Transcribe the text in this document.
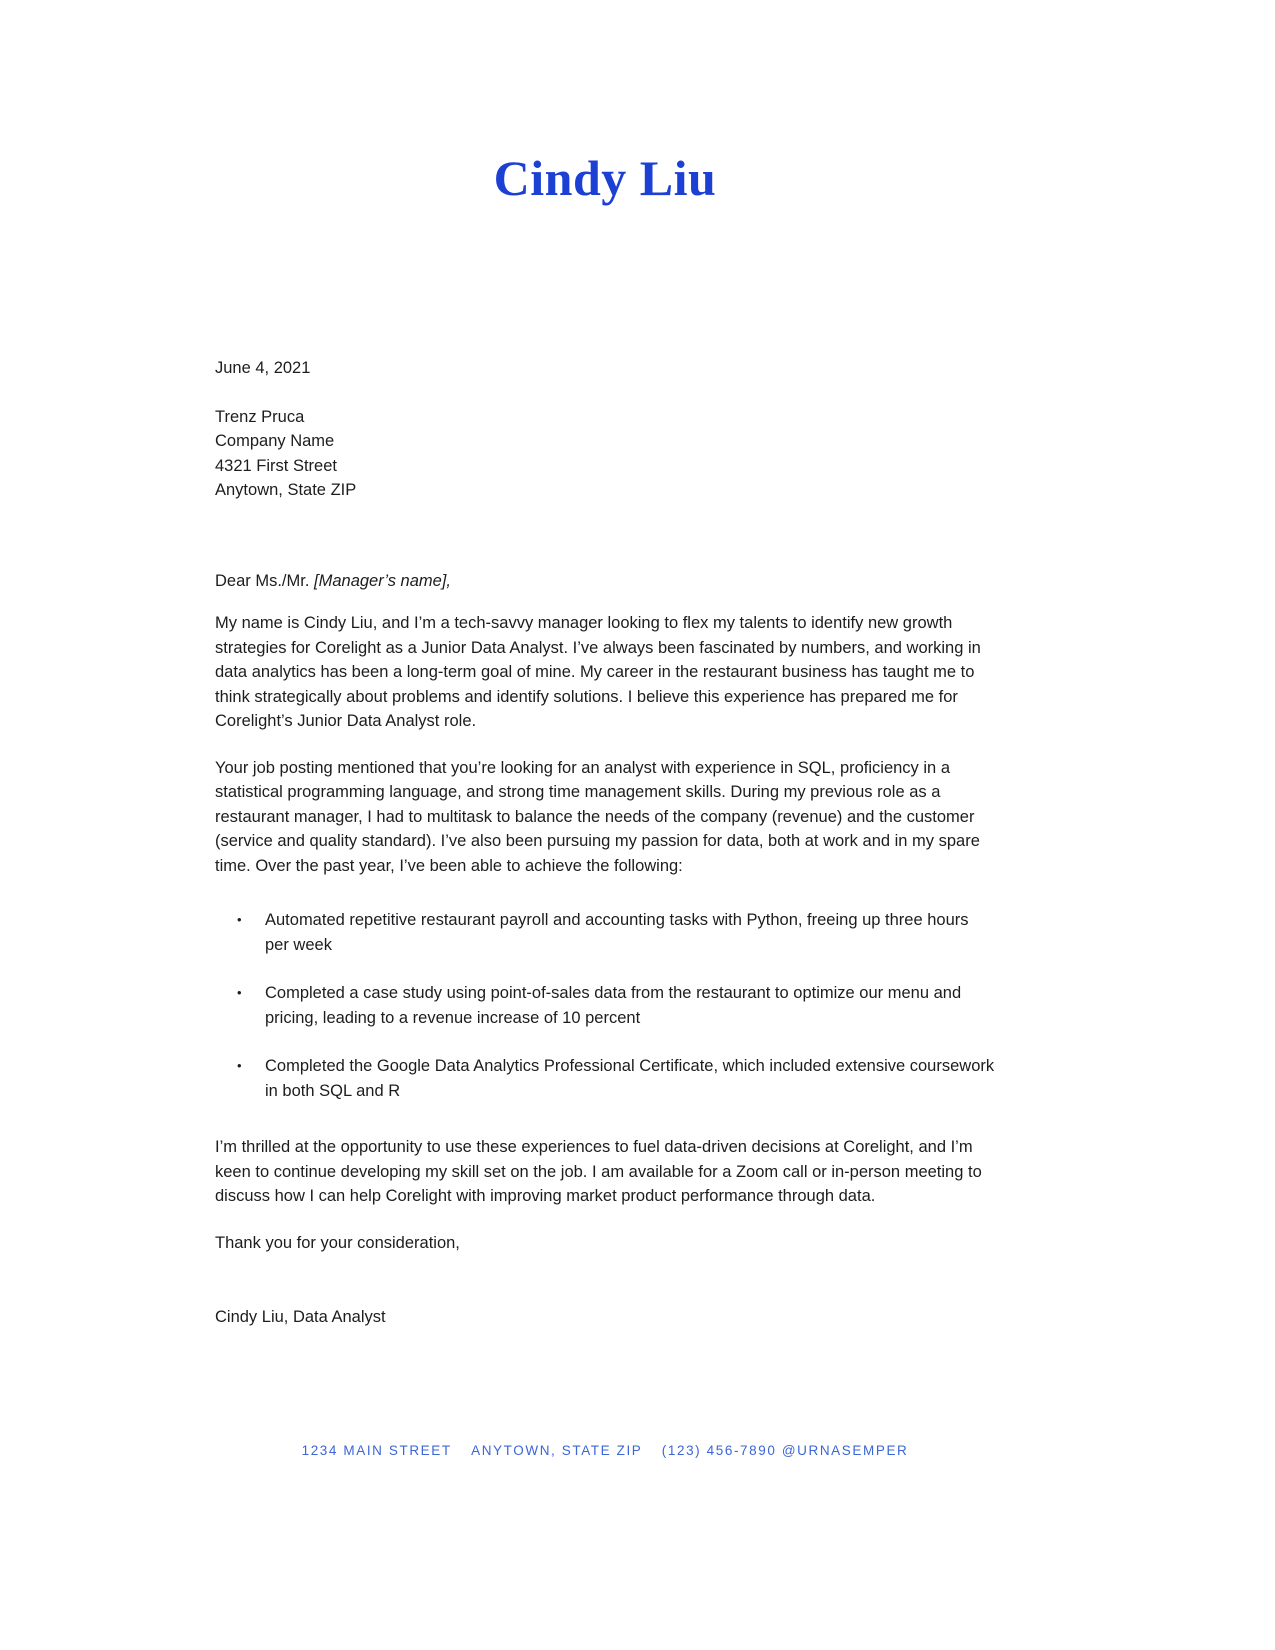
Cindy Liu

June 4, 2021

Trenz Pruca

Company Name

4321 First Street

Anytown, State ZIP

Dear Ms./Mr. [Manager’s name],

My name is Cindy Liu, and I’m a tech-savvy manager looking to flex my talents to identify new growth strategies for Corelight as a Junior Data Analyst. I’ve always been fascinated by numbers, and working in data analytics has been a long-term goal of mine. My career in the restaurant business has taught me to think strategically about problems and identify solutions. I believe this experience has prepared me for Corelight’s Junior Data Analyst role.

Your job posting mentioned that you’re looking for an analyst with experience in SQL, proficiency in a statistical programming language, and strong time management skills. During my previous role as a restaurant manager, I had to multitask to balance the needs of the company (revenue) and the customer (service and quality standard). I’ve also been pursuing my passion for data, both at work and in my spare time. Over the past year, I’ve been able to achieve the following:

•	Automated repetitive restaurant payroll and accounting tasks with Python, freeing up three hours per week
•	Completed a case study using point-of-sales data from the restaurant to optimize our menu and pricing, leading to a revenue increase of 10 percent
•	Completed the Google Data Analytics Professional Certificate, which included extensive coursework in both SQL and R

I’m thrilled at the opportunity to use these experiences to fuel data-driven decisions at Corelight, and I’m keen to continue developing my skill set on the job. I am available for a Zoom call or in-person meeting to discuss how I can help Corelight with improving market product performance through data.

Thank you for your consideration,

Cindy Liu, Data Analyst

1234 MAIN STREET ANYTOWN, STATE ZIP (123) 456-7890 @URNASEMPER
